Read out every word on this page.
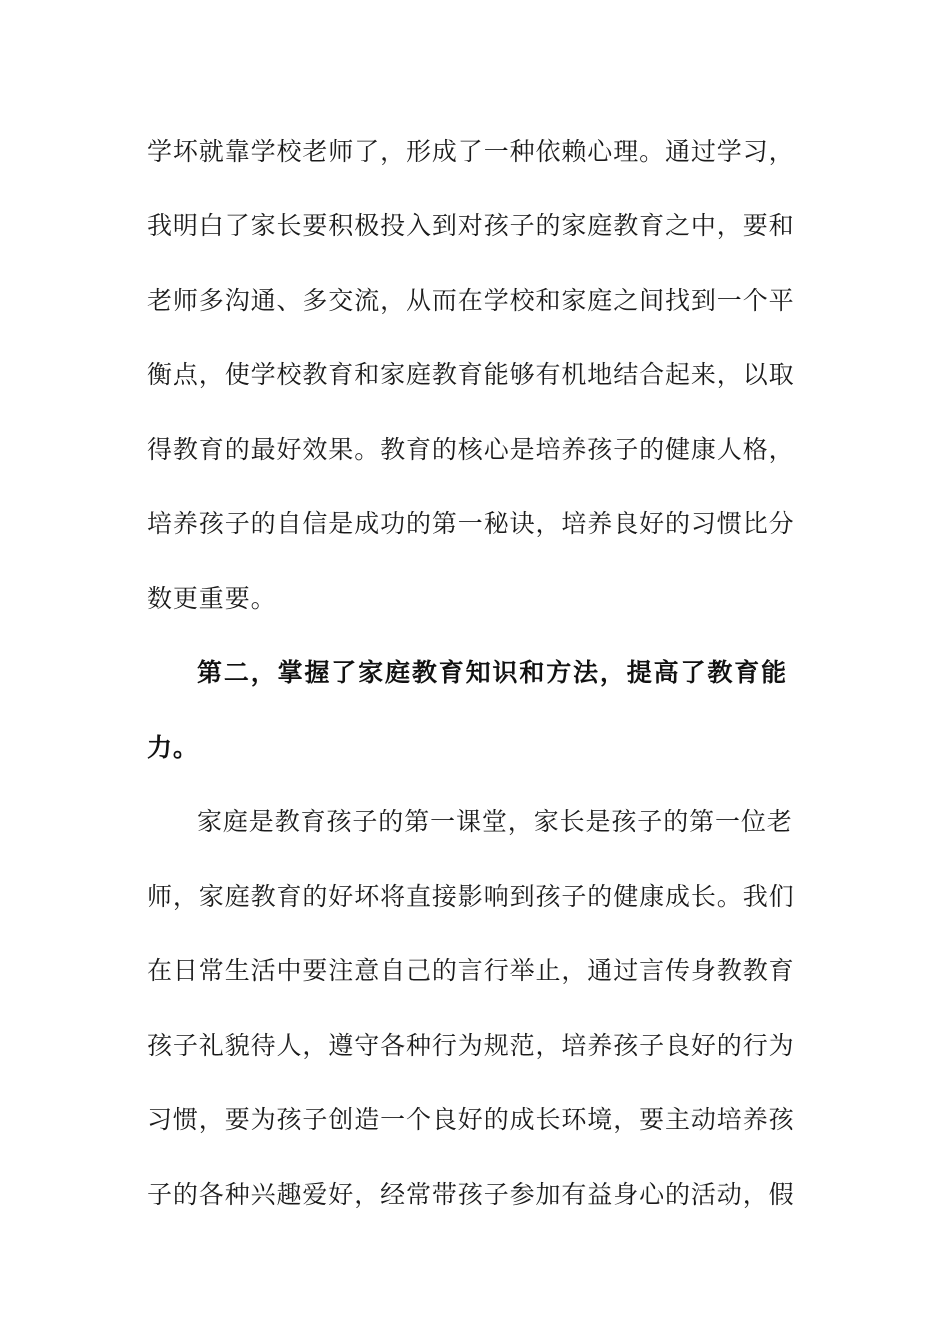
学坏就靠学校老师了，形成了一种依赖心理。通过学习，
我明白了家长要积极投入到对孩子的家庭教育之中，要和
老师多沟通、多交流，从而在学校和家庭之间找到一个平
衡点，使学校教育和家庭教育能够有机地结合起来，以取
得教育的最好效果。教育的核心是培养孩子的健康人格，
培养孩子的自信是成功的第一秘诀，培养良好的习惯比分
数更重要。
第二，掌握了家庭教育知识和方法，提高了教育能
力。
家庭是教育孩子的第一课堂，家长是孩子的第一位老
师，家庭教育的好坏将直接影响到孩子的健康成长。我们
在日常生活中要注意自己的言行举止，通过言传身教教育
孩子礼貌待人，遵守各种行为规范，培养孩子良好的行为
习惯，要为孩子创造一个良好的成长环境，要主动培养孩
子的各种兴趣爱好，经常带孩子参加有益身心的活动，假
